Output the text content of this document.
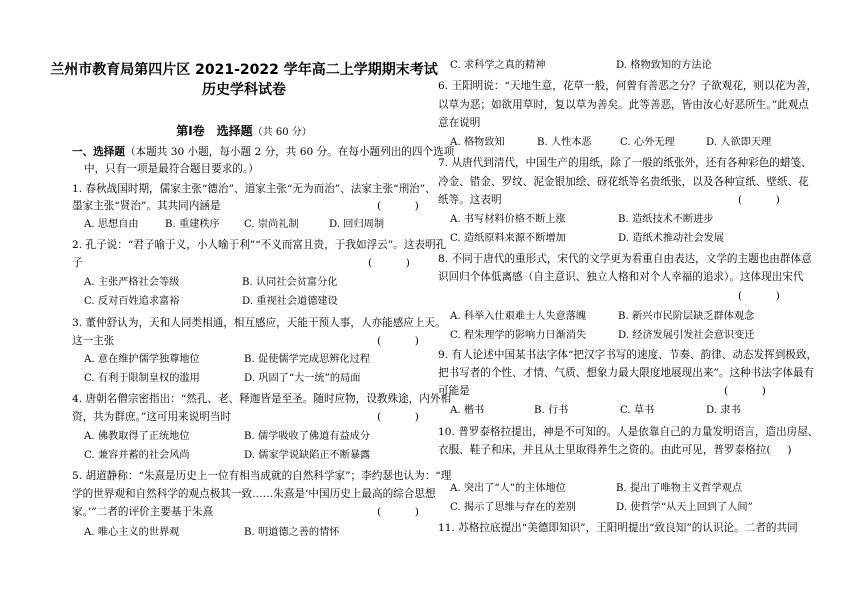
兰州市教育局第四片区 2021-2022 学年高二上学期期末考试
历史学科试卷
第Ⅰ卷　选择题（共 60 分）
一、选择题（本题共 30 小题，每小题 2 分，共 60 分。在每小题列出的四个选项
中，只有一项是最符合题目要求的。）
1. 春秋战国时期，儒家主张“德治”、道家主张“无为而治”、法家主张“刑治”、
墨家主张“贤治”。其共同内涵是	(          )
A. 思想自由	B. 重建秩序 C. 崇尚礼制	D. 回归周制
2. 孔子说：“君子喻于义，小人喻于利”“不义而富且贵，于我如浮云”。这表明孔
子	(          )
A. 主张严格社会等级	B. 认同社会贫富分化
C. 反对百姓追求富裕	D. 重视社会道德建设
3. 董仲舒认为，天和人同类相通，相互感应，天能干预人事，人亦能感应上天。
这一主张	(          )
A. 意在维护儒学独尊地位	B. 促使儒学完成思辨化过程
C. 有利于限制皇权的滥用	D. 巩固了“大一统”的局面
4. 唐朝名僧宗密指出：“然孔、老、释迦皆是至圣。随时应物，设教殊途，内外相
资，共为群庶。”这可用来说明当时	(          )
A. 佛教取得了正统地位	B. 儒学吸收了佛道有益成分
C. 兼容并蓄的社会风尚	D. 儒家学说缺陷正不断暴露
5. 胡道静称：“朱熹是历史上一位有相当成就的自然科学家”；李约瑟也认为：“理
学的世界观和自然科学的观点极其一致……朱熹是‘中国历史上最高的综合思想
家。’”二者的评价主要基于朱熹	(          )
A. 唯心主义的世界观	B. 明道德之善的情怀
C. 求科学之真的精神	D. 格物致知的方法论
6. 王阳明说：“天地生意，花草一般，何曾有善恶之分？子欲观花，则以花为善，
以草为恶；如欲用草时，复以草为善矣。此等善恶，皆由汝心好恶所生。”此观点
意在说明
A. 格物致知	B. 人性本恶	C. 心外无理	D. 人欲即天理
7. 从唐代到清代，中国生产的用纸，除了一般的纸张外，还有各种彩色的蜡笺、
冷金、错金、罗纹、泥金银加绘、砑花纸等名贵纸张，以及各种宣纸、壁纸、花
纸等。这表明	(          )
A. 书写材料价格不断上涨	B. 造纸技术不断进步
C. 造纸原料来源不断增加	D. 造纸术推动社会发展
8. 不同于唐代的重形式，宋代的文学更为看重自由表达，文学的主题也由群体意
识回归个体低离感（自主意识、独立人格和对个人幸福的追求）。这体现出宋代
(          )
A. 科举入仕艰难士人失意落魄	B. 新兴市民阶层缺乏群体观念
C. 程朱理学的影响力日渐消失	D. 经济发展引发社会意识变迁
9. 有人论述中国某书法字体“把汉字书写的速度、节奏、韵律、动态发挥到极致，
把书写者的个性、才情、气质、想象力最大限度地展现出来”。这种书法字体最有
可能是	(          )
A. 楷书	B. 行书	C. 草书	D. 隶书
10. 普罗泰格拉提出，神是不可知的。人是依靠自己的力量发明语言，造出房屋、
衣服、鞋子和床，并且从土里取得养生之资的。由此可见，普罗泰格拉(     )
A. 突出了“人”的主体地位	B. 提出了唯物主义哲学观点
C. 揭示了思维与存在的差别	D. 使哲学“从天上回到了人间”
11. 苏格拉底提出“美德即知识”，王阳明提出“致良知”的认识论。二者的共同
